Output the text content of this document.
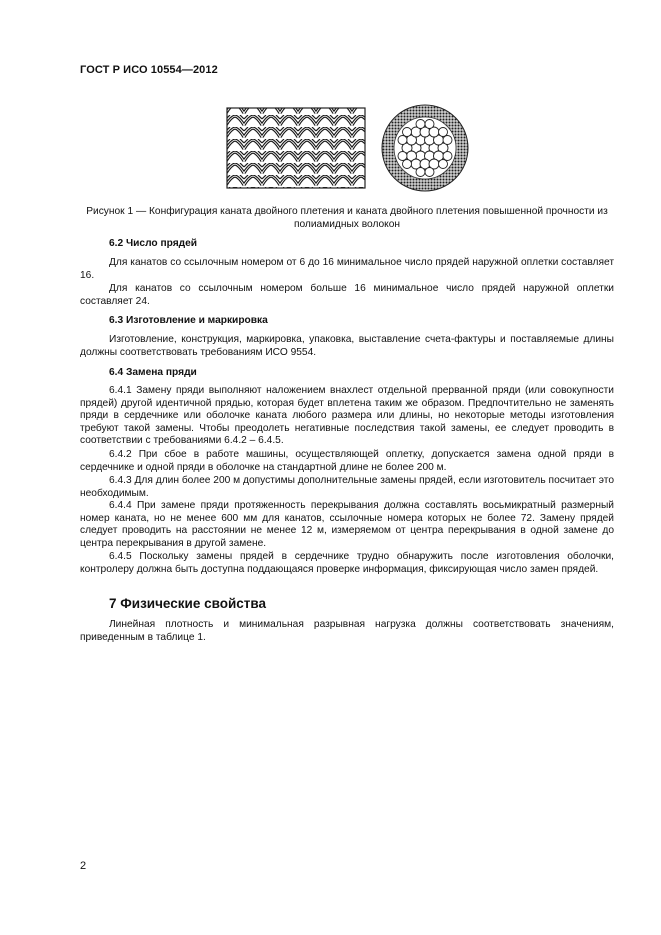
ГОСТ Р ИСО 10554—2012
Рисунок 1 — Конфигурация каната двойного плетения и каната двойного плетения повышенной прочности из полиамидных волокон
6.2 Число прядей

Для канатов со ссылочным номером от 6 до 16 минимальное число прядей наружной оплетки составляет 16.

Для канатов со ссылочным номером больше 16 минимальное число прядей наружной оплетки составляет 24.

6.3 Изготовление и маркировка

Изготовление, конструкция, маркировка, упаковка, выставление счета-фактуры и поставляемые длины должны соответствовать требованиям ИСО 9554.

6.4 Замена пряди

6.4.1 Замену пряди выполняют наложением внахлест отдельной прерванной пряди (или совокупности прядей) другой идентичной прядью, которая будет вплетена таким же образом. Предпочтительно не заменять пряди в сердечнике или оболочке каната любого размера или длины, но некоторые методы изготовления требуют такой замены. Чтобы преодолеть негативные последствия такой замены, ее следует проводить в соответствии с требованиями 6.4.2 – 6.4.5.

6.4.2 При сбое в работе машины, осуществляющей оплетку, допускается замена одной пряди в сердечнике и одной пряди в оболочке на стандартной длине не более 200 м.

6.4.3 Для длин более 200 м допустимы дополнительные замены прядей, если изготовитель посчитает это необходимым.

6.4.4 При замене пряди протяженность перекрывания должна составлять восьмикратный размерный номер каната, но не менее 600 мм для канатов, ссылочные номера которых не более 72. Замену прядей следует проводить на расстоянии не менее 12 м, измеряемом от центра перекрывания в одной замене до центра перекрывания в другой замене.

6.4.5 Поскольку замены прядей в сердечнике трудно обнаружить после изготовления оболочки, контролеру должна быть доступна поддающаяся проверке информация, фиксирующая число замен прядей.

7 Физические свойства

Линейная плотность и минимальная разрывная нагрузка должны соответствовать значениям, приведенным в таблице 1.

2
